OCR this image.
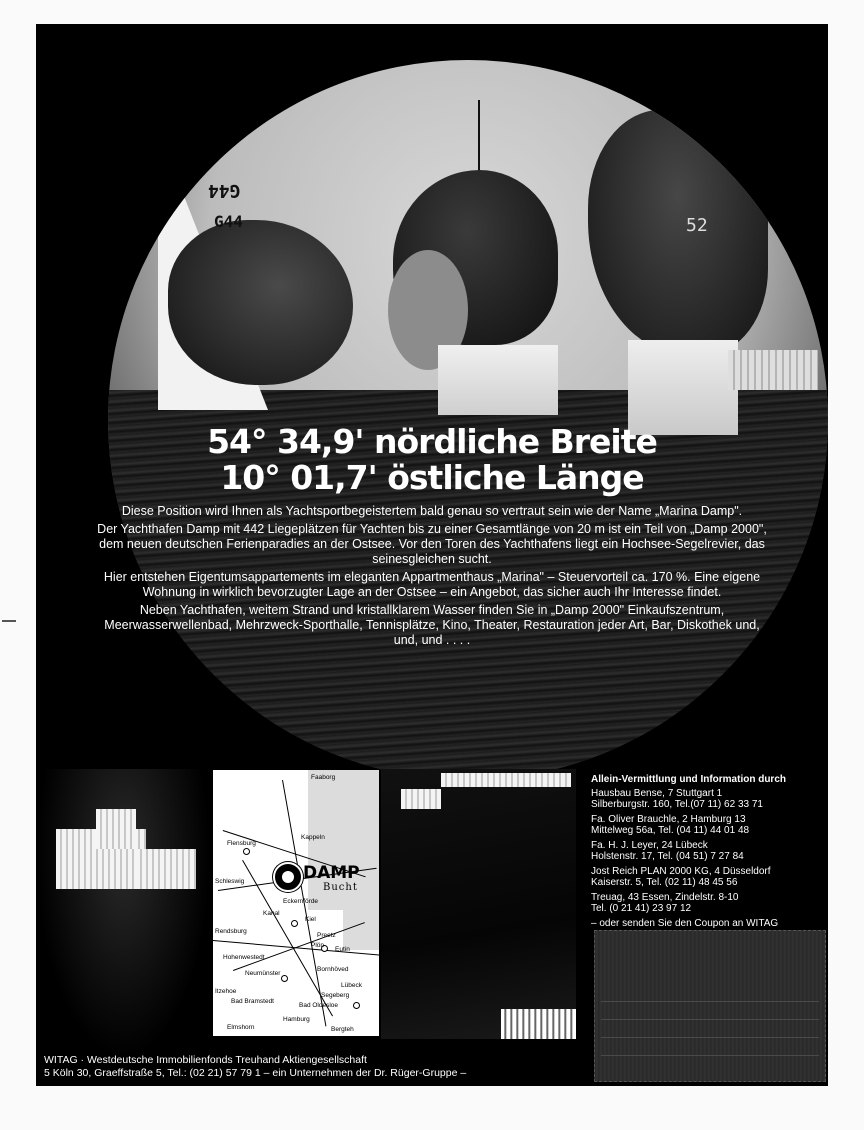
G44
G44	52
54° 34,9' nördliche Breite
10° 01,7' östliche Länge

Diese Position wird Ihnen als Yachtsportbegeistertem bald genau so vertraut sein wie der Name „Marina Damp".

Der Yachthafen Damp mit 442 Liegeplätzen für Yachten bis zu einer Gesamtlänge von 20 m ist ein Teil von „Damp 2000", dem neuen deutschen Ferienparadies an der Ostsee. Vor den Toren des Yachthafens liegt ein Hochsee-Segelrevier, das seinesgleichen sucht.

Hier entstehen Eigentumsappartements im eleganten Appartmenthaus „Marina" – Steuervorteil ca. 170 %. Eine eigene Wohnung in wirklich bevorzugter Lage an der Ostsee – ein Angebot, das sicher auch Ihr Interesse findet.

Neben Yachthafen, weitem Strand und kristallklarem Wasser finden Sie in „Damp 2000" Einkaufszentrum, Meerwasserwellenbad, Mehrzweck-Sporthalle, Tennisplätze, Kino, Theater, Restauration jeder Art, Bar, Diskothek und, und, und . . . .

Faaborg
Flensburg
Kappeln
Eckernförde
Schleswig
Kanal
Kiel
Rendsburg
Plön
Preetz
Eutin
Hohenwestedt
Neumünster
Bornhöved
Lübeck
Itzehoe
Bad Bramstedt
Segeberg
Bad Oldesloe
Hamburg
Elmshorn	Bergteh
DAMP
Bucht
Allein-Vermittlung und Information durch
Hausbau Bense, 7 Stuttgart 1
Silberburgstr. 160, Tel.(07 11) 62 33 71
Fa. Oliver Brauchle, 2 Hamburg 13
Mittelweg 56a, Tel. (04 11) 44 01 48
Fa. H. J. Leyer, 24 Lübeck
Holstenstr. 17, Tel. (04 51) 7 27 84
Jost Reich PLAN 2000 KG, 4 Düsseldorf
Kaiserstr. 5, Tel. (02 11) 48 45 56
Treuag, 43 Essen, Zindelstr. 8-10
Tel. (0 21 41) 23 97 12
– oder senden Sie den Coupon an WITAG
WITAG · Westdeutsche Immobilienfonds Treuhand Aktiengesellschaft
5 Köln 30, Graeffstraße 5, Tel.: (02 21) 57 79 1 – ein Unternehmen der Dr. Rüger-Gruppe –
